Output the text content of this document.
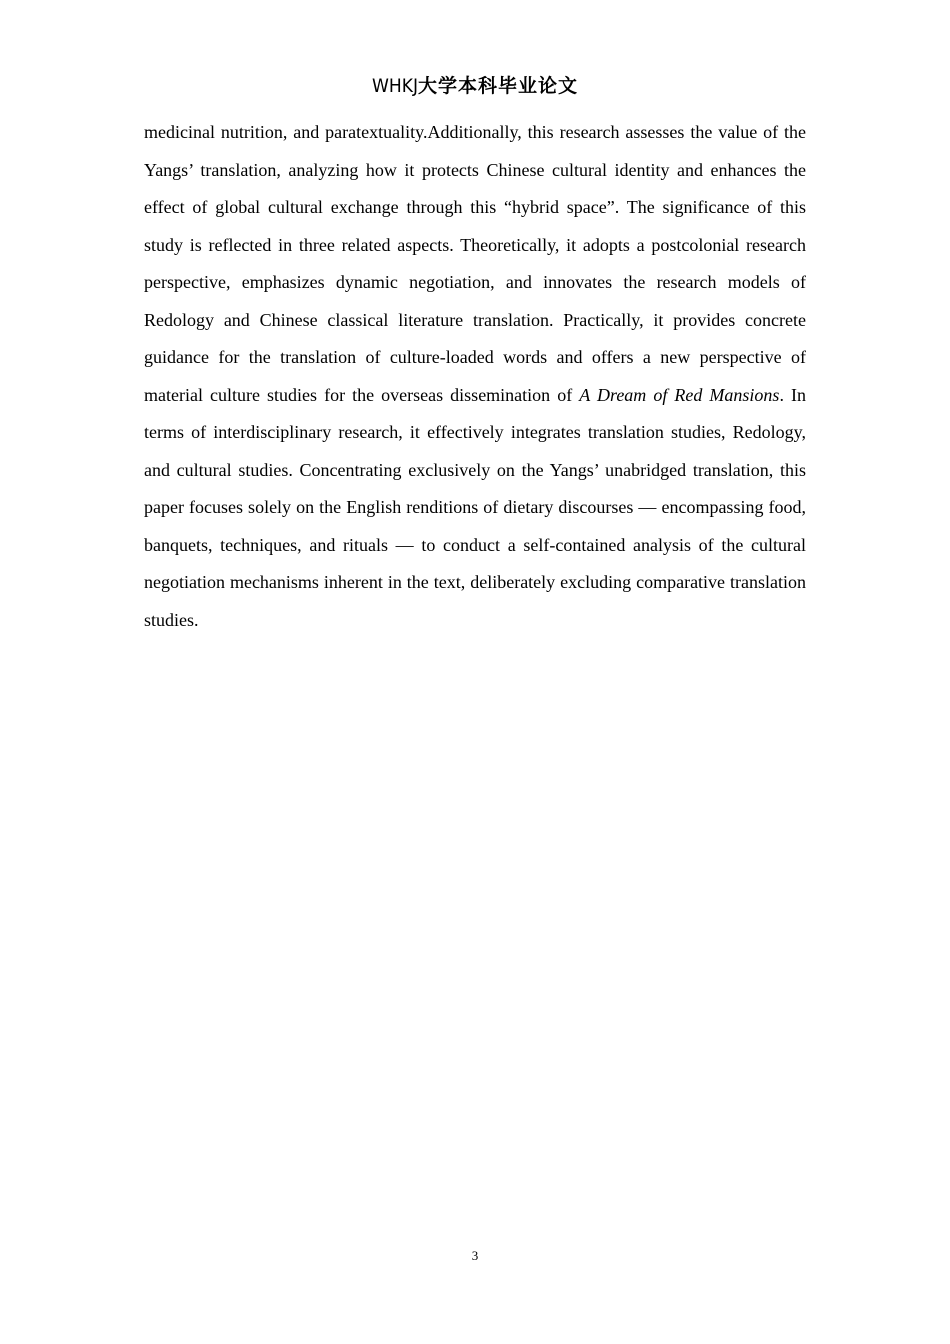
WHKJ大学本科毕业论文

medicinal nutrition, and paratextuality.Additionally, this research assesses the value of the Yangs’ translation, analyzing how it protects Chinese cultural identity and enhances the effect of global cultural exchange through this “hybrid space”. The significance of this study is reflected in three related aspects. Theoretically, it adopts a postcolonial research perspective, emphasizes dynamic negotiation, and innovates the research models of Redology and Chinese classical literature translation. Practically, it provides concrete guidance for the translation of culture-loaded words and offers a new perspective of material culture studies for the overseas dissemination of A Dream of Red Mansions. In terms of interdisciplinary research, it effectively integrates translation studies, Redology, and cultural studies. Concentrating exclusively on the Yangs’ unabridged translation, this paper focuses solely on the English renditions of dietary discourses — encompassing food, banquets, techniques, and rituals — to conduct a self-contained analysis of the cultural negotiation mechanisms inherent in the text, deliberately excluding comparative translation studies.

3
